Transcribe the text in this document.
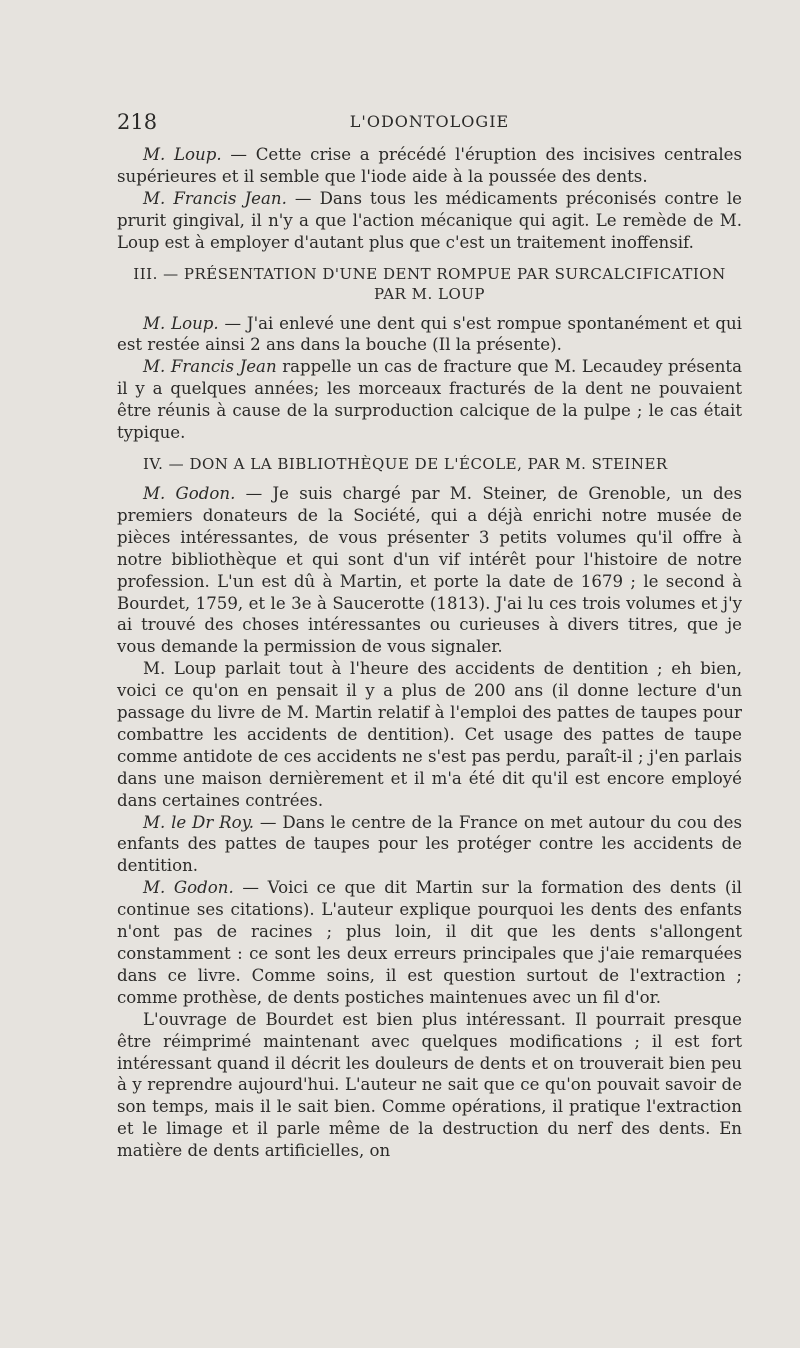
218	L'ODONTOLOGIE

M. Loup. — Cette crise a précédé l'éruption des incisives centrales supérieures et il semble que l'iode aide à la poussée des dents.

M. Francis Jean. — Dans tous les médicaments préconisés contre le prurit gingival, il n'y a que l'action mécanique qui agit. Le remède de M. Loup est à employer d'autant plus que c'est un traitement inoffensif.

III. — PRÉSENTATION D'UNE DENT ROMPUE PAR SURCALCIFICATION PAR M. LOUP

M. Loup. — J'ai enlevé une dent qui s'est rompue spontanément et qui est restée ainsi 2 ans dans la bouche (Il la présente).

M. Francis Jean rappelle un cas de fracture que M. Lecaudey présenta il y a quelques années; les morceaux fracturés de la dent ne pouvaient être réunis à cause de la surproduction calcique de la pulpe ; le cas était typique.

IV. — DON A LA BIBLIOTHÈQUE DE L'ÉCOLE, PAR M. STEINER

M. Godon. — Je suis chargé par M. Steiner, de Grenoble, un des premiers donateurs de la Société, qui a déjà enrichi notre musée de pièces intéressantes, de vous présenter 3 petits volumes qu'il offre à notre bibliothèque et qui sont d'un vif intérêt pour l'histoire de notre profession. L'un est dû à Martin, et porte la date de 1679 ; le second à Bourdet, 1759, et le 3e à Saucerotte (1813). J'ai lu ces trois volumes et j'y ai trouvé des choses intéressantes ou curieuses à divers titres, que je vous demande la permission de vous signaler.

M. Loup parlait tout à l'heure des accidents de dentition ; eh bien, voici ce qu'on en pensait il y a plus de 200 ans (il donne lecture d'un passage du livre de M. Martin relatif à l'emploi des pattes de taupes pour combattre les accidents de dentition). Cet usage des pattes de taupe comme antidote de ces accidents ne s'est pas perdu, paraît-il ; j'en parlais dans une maison dernièrement et il m'a été dit qu'il est encore employé dans certaines contrées.

M. le Dr Roy. — Dans le centre de la France on met autour du cou des enfants des pattes de taupes pour les protéger contre les accidents de dentition.

M. Godon. — Voici ce que dit Martin sur la formation des dents (il continue ses citations). L'auteur explique pourquoi les dents des enfants n'ont pas de racines ; plus loin, il dit que les dents s'allongent constamment : ce sont les deux erreurs principales que j'aie remarquées dans ce livre. Comme soins, il est question surtout de l'extraction ; comme prothèse, de dents postiches maintenues avec un fil d'or.

L'ouvrage de Bourdet est bien plus intéressant. Il pourrait presque être réimprimé maintenant avec quelques modifications ; il est fort intéressant quand il décrit les douleurs de dents et on trouverait bien peu à y reprendre aujourd'hui. L'auteur ne sait que ce qu'on pouvait savoir de son temps, mais il le sait bien. Comme opérations, il pratique l'extraction et le limage et il parle même de la destruction du nerf des dents. En matière de dents artificielles, on
